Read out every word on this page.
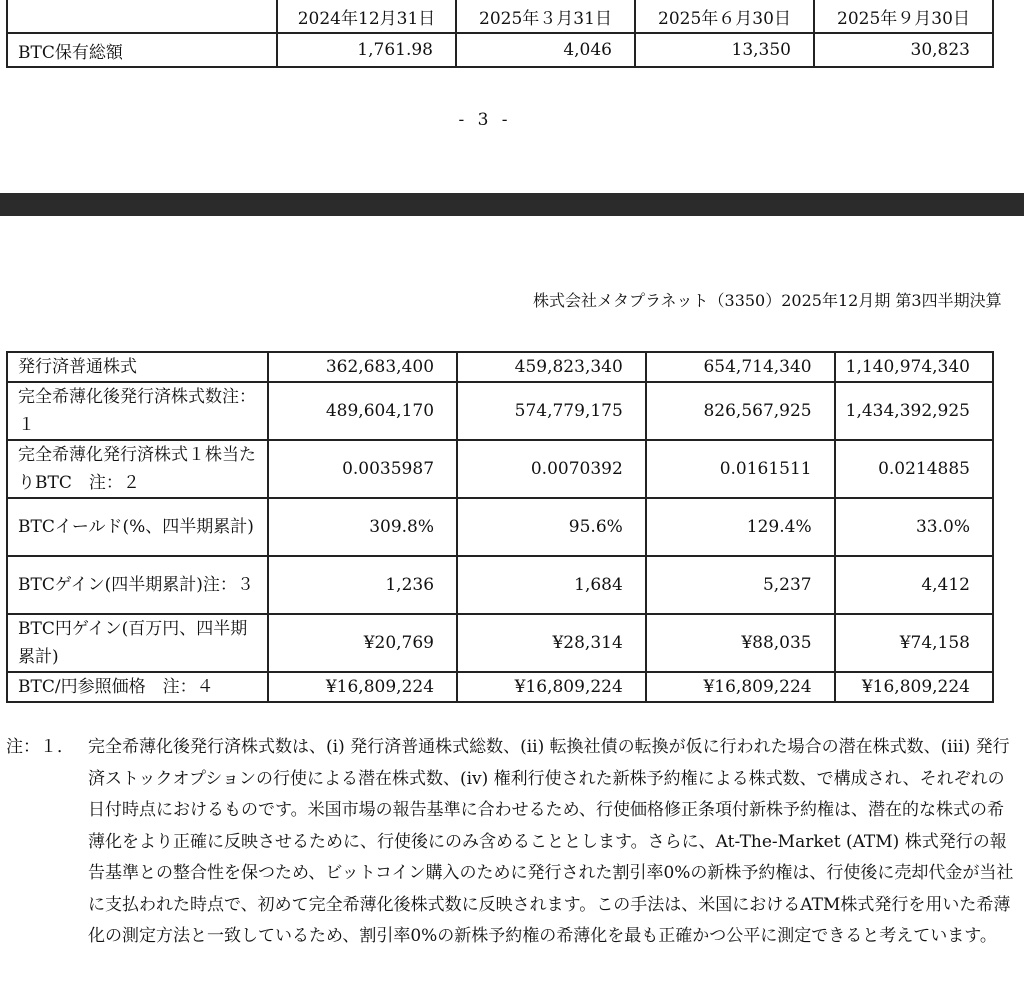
	2024年12月31日	2025年３月31日	2025年６月30日	2025年９月30日
BTC保有総額	1,761.98	4,046	13,350	30,823
- 3 -
株式会社メタプラネット（3350）2025年12月期 第3四半期決算
発行済普通株式	362,683,400	459,823,340	654,714,340	1,140,974,340
完全希薄化後発行済株式数注：１	489,604,170	574,779,175	826,567,925	1,434,392,925
完全希薄化発行済株式１株当たりBTC　注：２	0.0035987	0.0070392	0.0161511	0.0214885
BTCイールド(%、四半期累計)	309.8%	95.6%	129.4%	33.0%
BTCゲイン(四半期累計)注：３	1,236	1,684	5,237	4,412
BTC円ゲイン(百万円、四半期累計)	¥20,769	¥28,314	¥88,035	¥74,158
BTC/円参照価格　注：４	¥16,809,224	¥16,809,224	¥16,809,224	¥16,809,224
注：１． 完全希薄化後発行済株式数は、(i) 発行済普通株式総数、(ii) 転換社債の転換が仮に行われた場合の潜在株式数、(iii) 発行済ストックオプションの行使による潜在株式数、(iv) 権利行使された新株予約権による株式数、で構成され、それぞれの日付時点におけるものです。米国市場の報告基準に合わせるため、行使価格修正条項付新株予約権は、潜在的な株式の希薄化をより正確に反映させるために、行使後にのみ含めることとします。さらに、At-The-Market (ATM) 株式発行の報告基準との整合性を保つため、ビットコイン購入のために発行された割引率0%の新株予約権は、行使後に売却代金が当社に支払われた時点で、初めて完全希薄化後株式数に反映されます。この手法は、米国におけるATM株式発行を用いた希薄化の測定方法と一致しているため、割引率0%の新株予約権の希薄化を最も正確かつ公平に測定できると考えています。
